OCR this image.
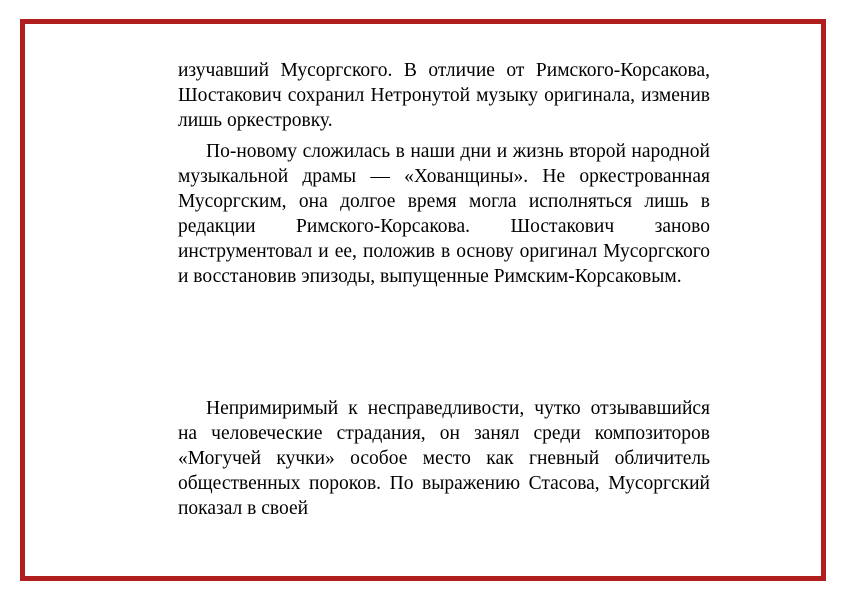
изучавший Мусоргского. В отличие от Римского-Корсакова, Шостакович сохранил Нетронутой музыку оригинала, изменив лишь оркестровку.

По-новому сложилась в наши дни и жизнь второй народной музыкальной драмы — «Хованщины». Не оркестрованная Мусоргским, она долгое время могла исполняться лишь в редакции Римского-Корсакова. Шостакович заново инструментовал и ее, положив в основу оригинал Мусоргского и восстановив эпизоды, выпущенные Римским-Корсаковым.

Непримиримый к несправедливости, чутко отзывавшийся на человеческие страдания, он занял среди композиторов «Могучей кучки» особое место как гневный обличитель общественных пороков. По выражению Стасова, Мусоргский показал в своей
